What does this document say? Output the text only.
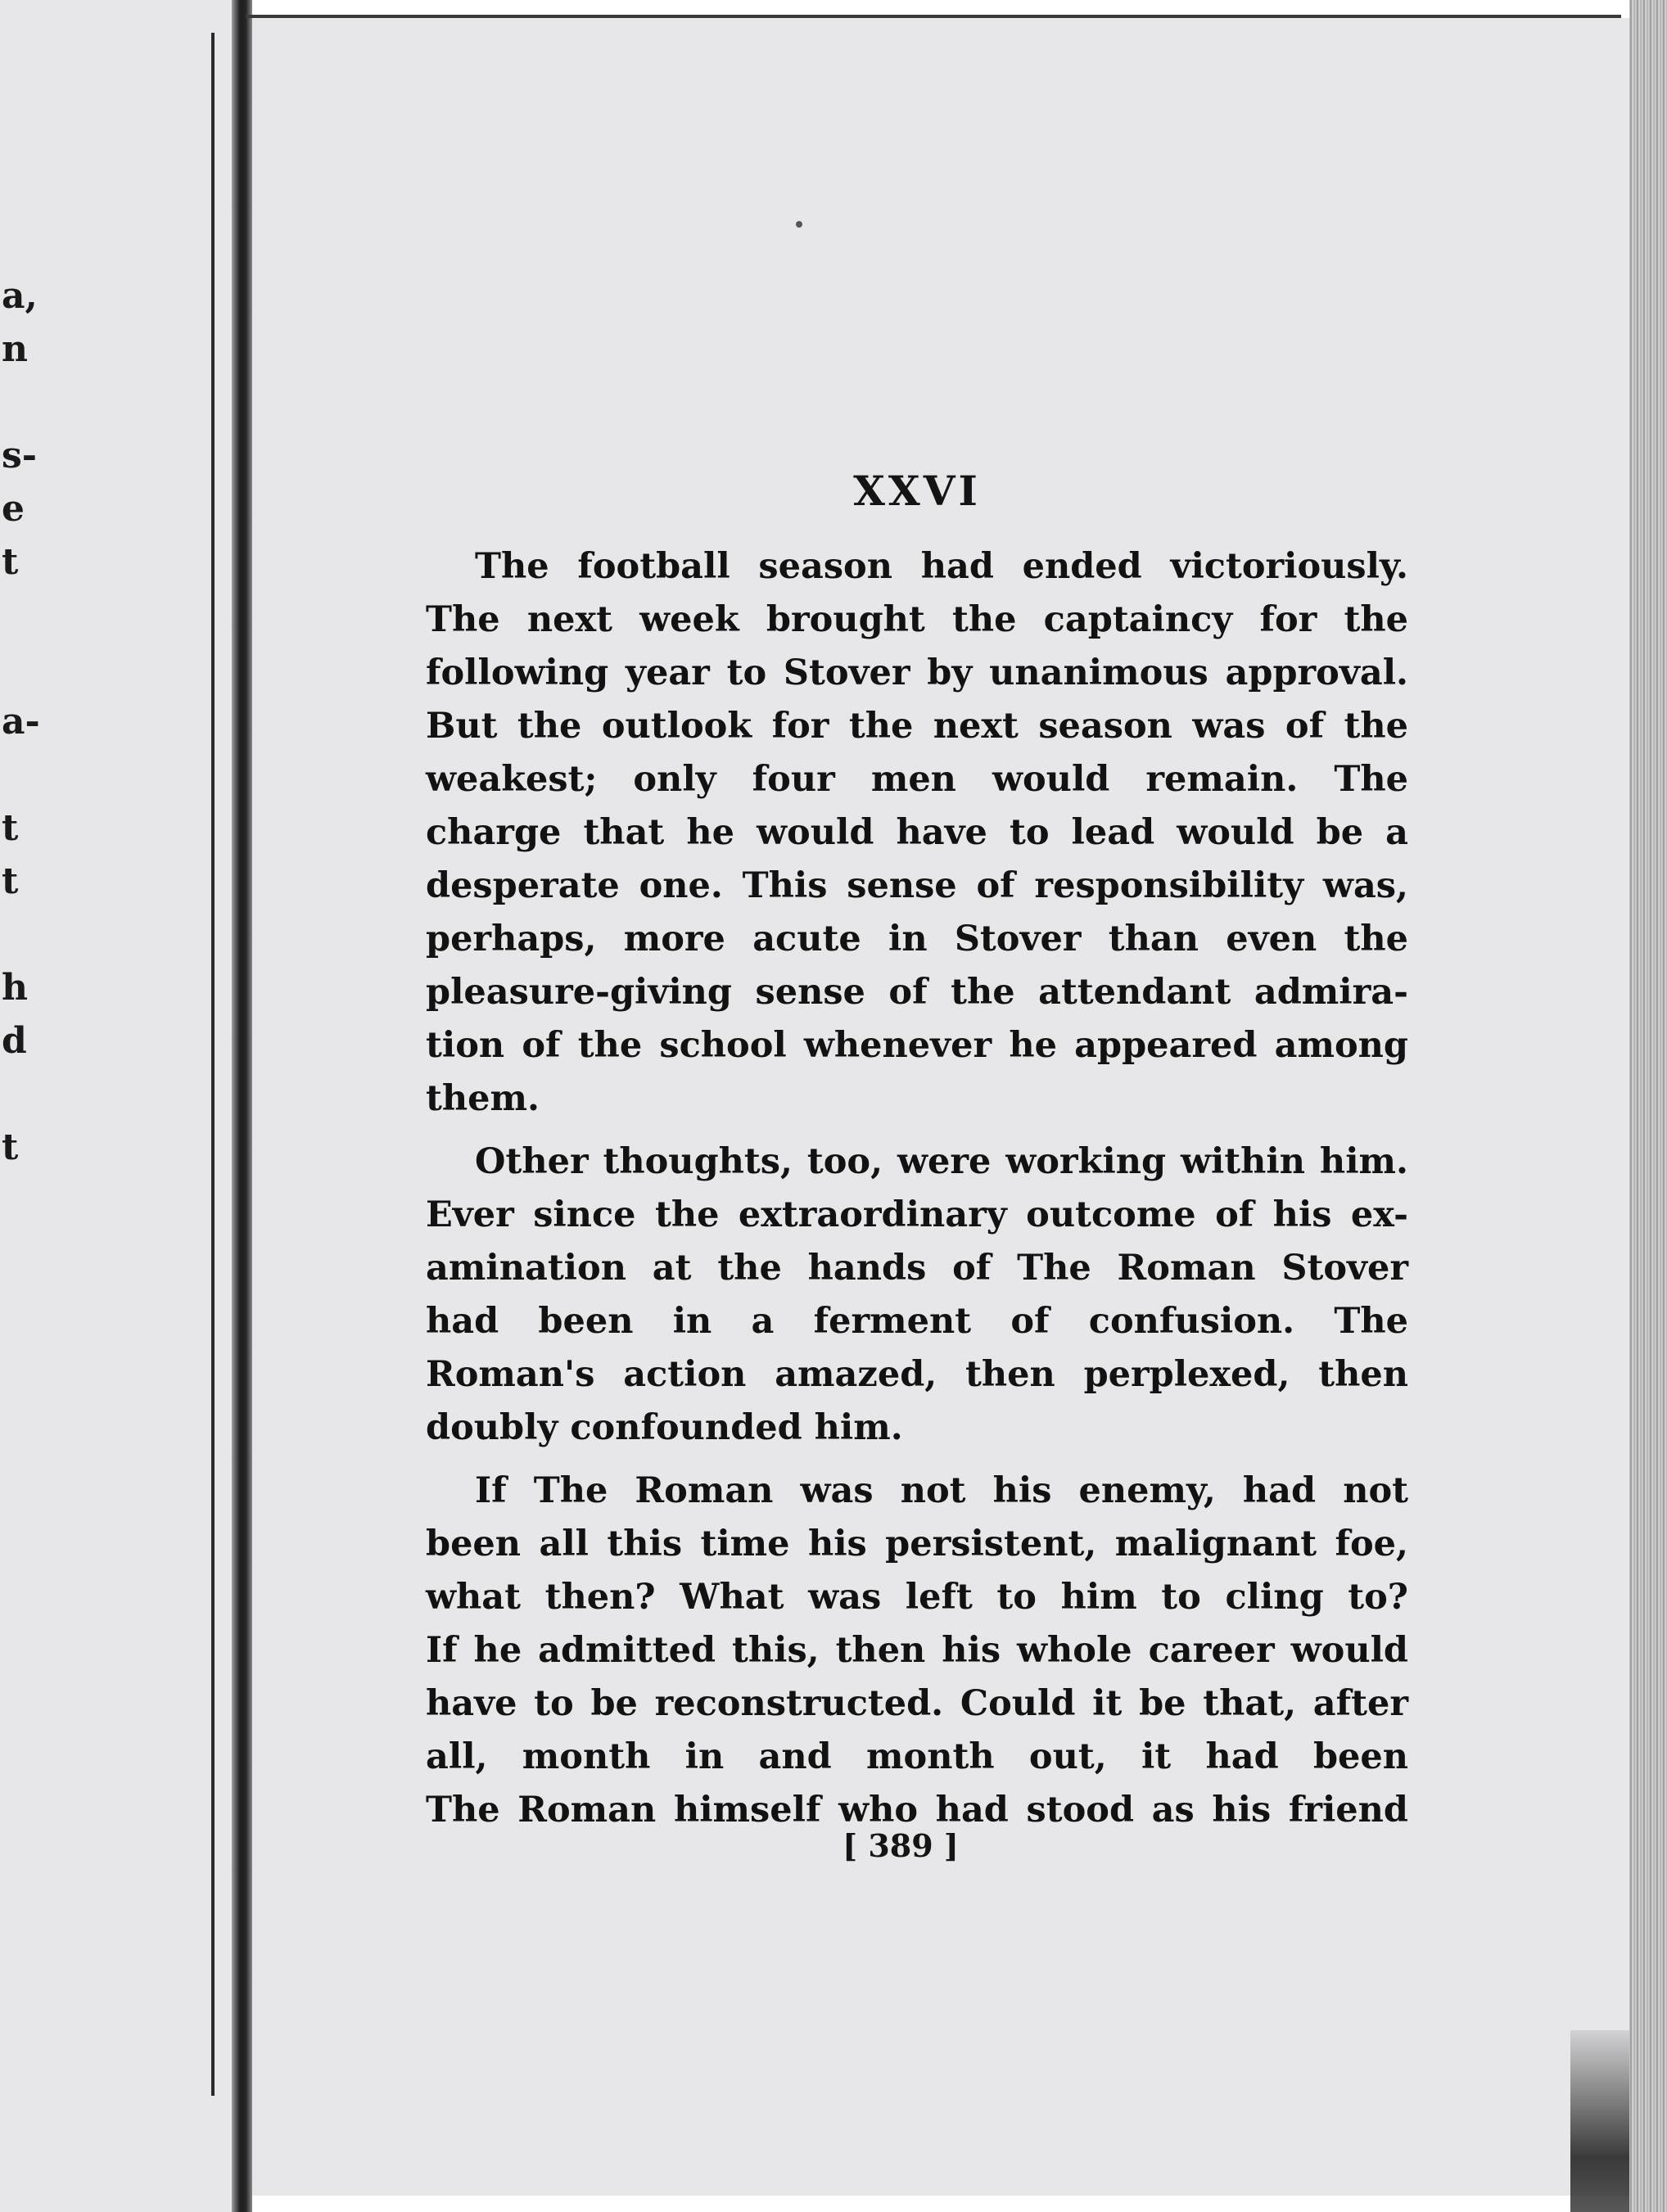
a,
n
s-
e
t
a-
t
t
h
d
t
XXVI
The football season had ended victoriously.
The next week brought the captaincy for the
following year to Stover by unanimous approval.
But the outlook for the next season was of the
weakest; only four men would remain. The
charge that he would have to lead would be a
desperate one. This sense of responsibility was,
perhaps, more acute in Stover than even the
pleasure-giving sense of the attendant admira-
tion of the school whenever he appeared among
them.
Other thoughts, too, were working within him.
Ever since the extraordinary outcome of his ex-
amination at the hands of The Roman Stover
had been in a ferment of confusion. The
Roman's action amazed, then perplexed, then
doubly confounded him.
If The Roman was not his enemy, had not
been all this time his persistent, malignant foe,
what then? What was left to him to cling to?
If he admitted this, then his whole career would
have to be reconstructed. Could it be that, after
all, month in and month out, it had been
The Roman himself who had stood as his friend
[ 389 ]
